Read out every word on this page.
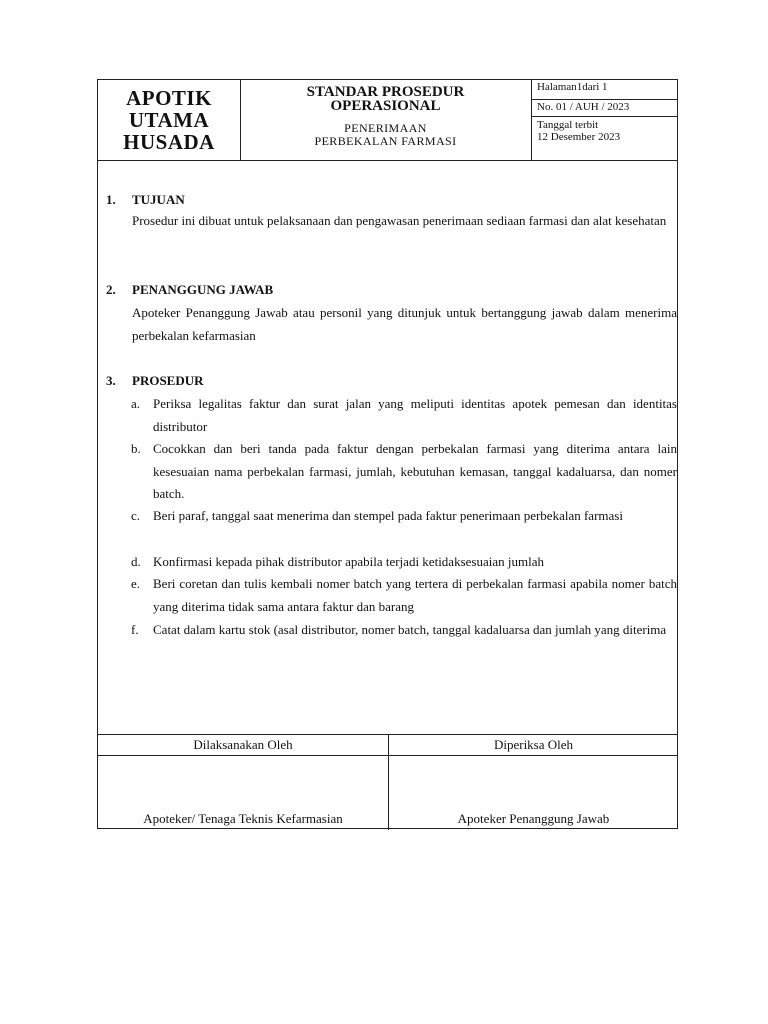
APOTIK
UTAMA
HUSADA
STANDAR PROSEDUR
OPERASIONAL
PENERIMAAN
PERBEKALAN FARMASI
Halaman1dari 1
No. 01 / AUH / 2023
Tanggal terbit
12 Desember 2023
1. TUJUAN
Prosedur ini dibuat untuk pelaksanaan dan pengawasan penerimaan sediaan farmasi dan alat kesehatan
2. PENANGGUNG JAWAB
Apoteker Penanggung Jawab atau personil yang ditunjuk untuk bertanggung jawab dalam menerima perbekalan kefarmasian
3. PROSEDUR
a. Periksa legalitas faktur dan surat jalan yang meliputi identitas apotek pemesan dan identitas distributor
b. Cocokkan dan beri tanda pada faktur dengan perbekalan farmasi yang diterima antara lain kesesuaian nama perbekalan farmasi, jumlah, kebutuhan kemasan, tanggal kadaluarsa, dan nomer batch.
c. Beri paraf, tanggal saat menerima dan stempel pada faktur penerimaan perbekalan farmasi
d. Konfirmasi kepada pihak distributor apabila terjadi ketidaksesuaian jumlah
e. Beri coretan dan tulis kembali nomer batch yang tertera di perbekalan farmasi apabila nomer batch yang diterima tidak sama antara faktur dan barang
f.	Catat dalam kartu stok (asal distributor, nomer batch, tanggal kadaluarsa dan jumlah yang diterima
Dilaksanakan Oleh	Diperiksa Oleh
Apoteker/ Tenaga Teknis Kefarmasian	Apoteker Penanggung Jawab
